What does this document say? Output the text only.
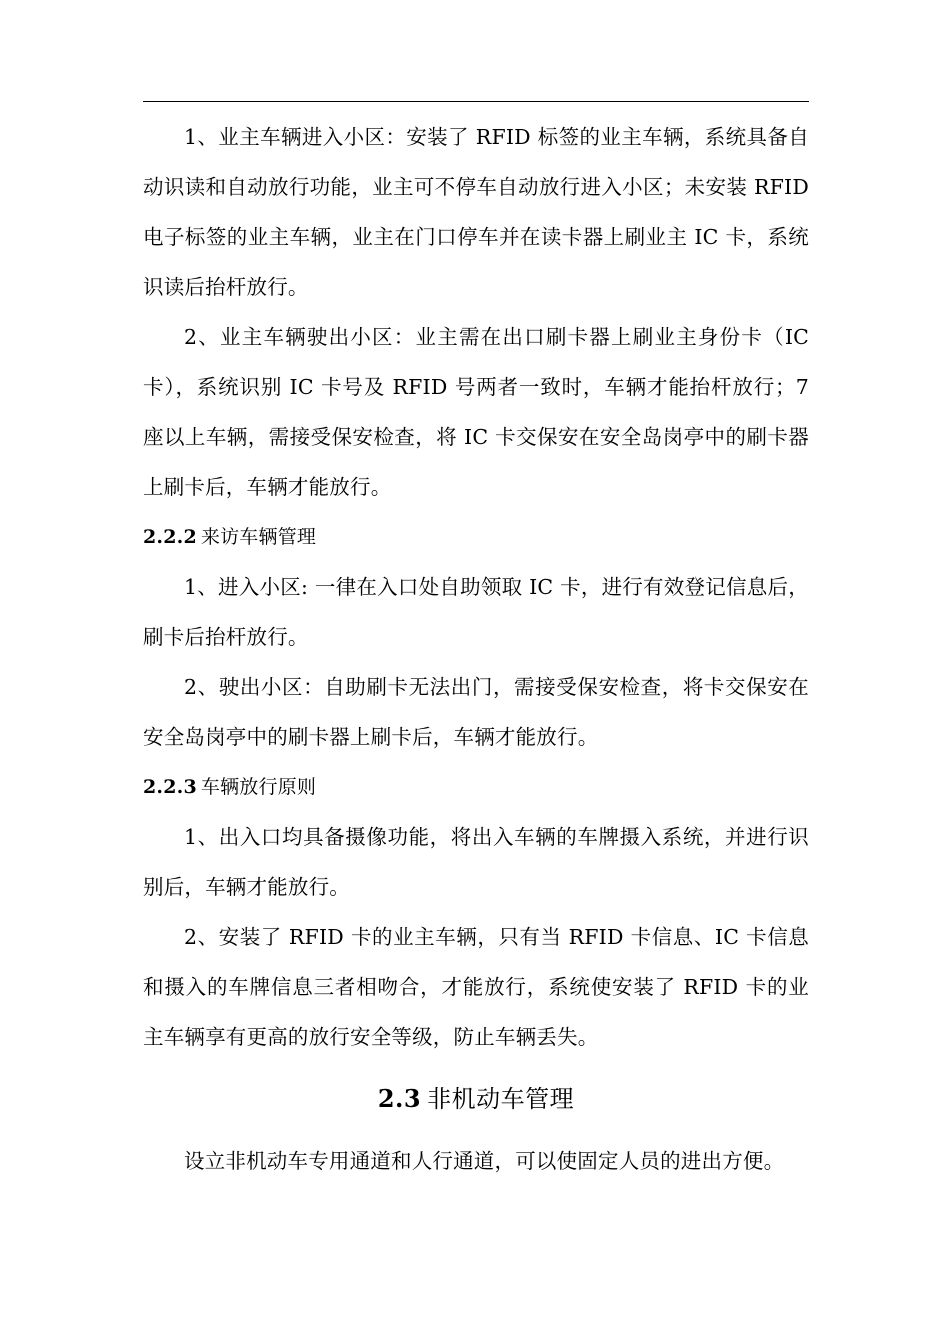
1、业主车辆进入小区：安装了 RFID 标签的业主车辆，系统具备自动识读和自动放行功能，业主可不停车自动放行进入小区；未安装 RFID 电子标签的业主车辆，业主在门口停车并在读卡器上刷业主 IC 卡，系统识读后抬杆放行。

2、业主车辆驶出小区：业主需在出口刷卡器上刷业主身份卡（IC 卡），系统识别 IC 卡号及 RFID 号两者一致时，车辆才能抬杆放行；7 座以上车辆，需接受保安检查，将 IC 卡交保安在安全岛岗亭中的刷卡器上刷卡后，车辆才能放行。

2.2.2 来访车辆管理

1、进入小区: 一律在入口处自助领取 IC 卡，进行有效登记信息后，刷卡后抬杆放行。

2、驶出小区：自助刷卡无法出门，需接受保安检查，将卡交保安在安全岛岗亭中的刷卡器上刷卡后，车辆才能放行。

2.2.3 车辆放行原则

1、出入口均具备摄像功能，将出入车辆的车牌摄入系统，并进行识别后，车辆才能放行。

2、安装了 RFID 卡的业主车辆，只有当 RFID 卡信息、IC 卡信息和摄入的车牌信息三者相吻合，才能放行，系统使安装了 RFID 卡的业主车辆享有更高的放行安全等级，防止车辆丢失。

2.3 非机动车管理

设立非机动车专用通道和人行通道，可以使固定人员的进出方便。
